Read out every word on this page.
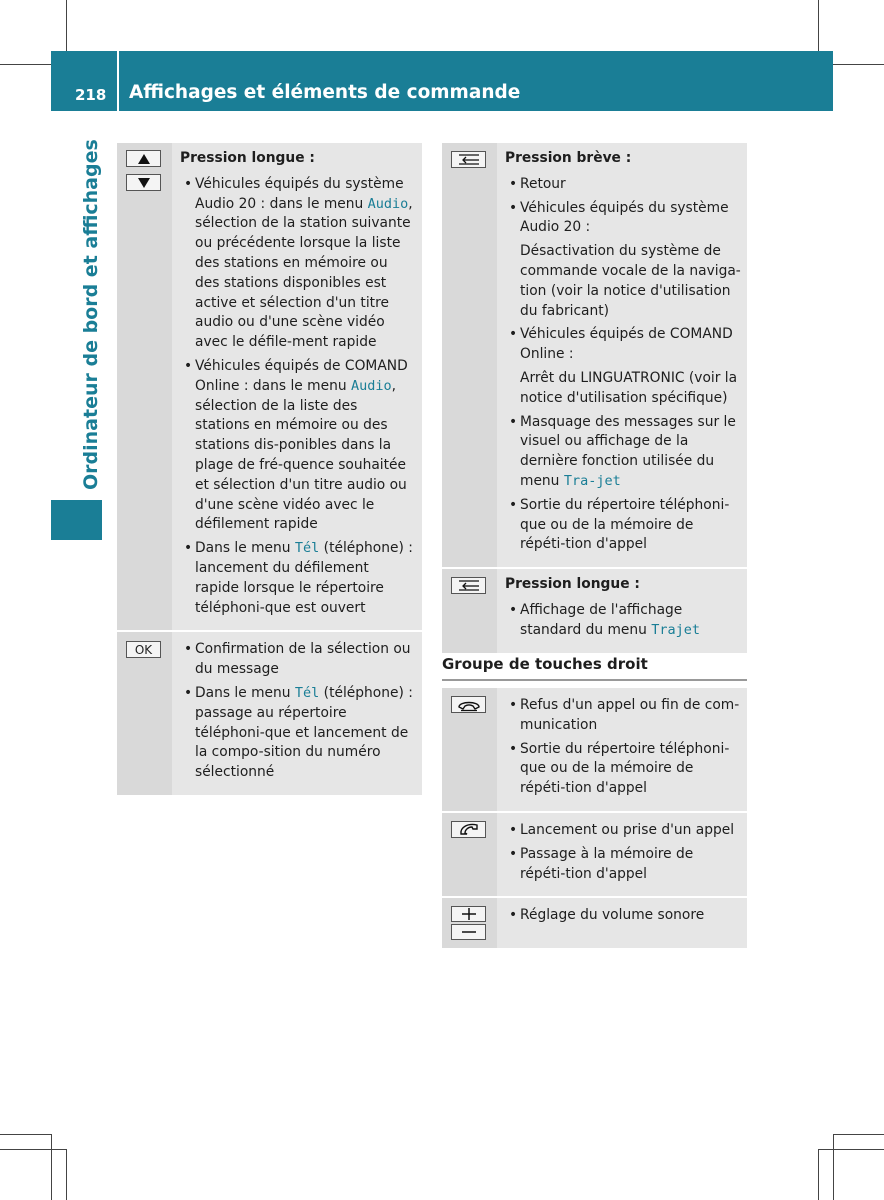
218 Affichages et éléments de commande
Ordinateur de bord et affichages	Pression longue :
• Véhicules équipés du système Audio 20 : dans le menu Audio, sélection de la station suivante ou précédente lorsque la liste des stations en mémoire ou des stations disponibles est active et sélection d'un titre audio ou d'une scène vidéo avec le défile-ment rapide
• Véhicules équipés de COMAND Online : dans le menu Audio, sélection de la liste des stations en mémoire ou des stations dis-ponibles dans la plage de fré-quence souhaitée et sélection d'un titre audio ou d'une scène vidéo avec le défilement rapide
• Dans le menu Tél (téléphone) : lancement du défilement rapide lorsque le répertoire téléphoni-que est ouvert
OK
•	Confirmation de la sélection ou du message
• Dans le menu Tél (téléphone) : passage au répertoire téléphoni-que et lancement de la compo-sition du numéro sélectionné
Pression brève :
• Retour
• Véhicules équipés du système Audio 20 :
Désactivation du système de commande vocale de la naviga-tion (voir la notice d'utilisation du fabricant)
• Véhicules équipés de COMAND Online :
Arrêt du LINGUATRONIC (voir la notice d'utilisation spécifique)
• Masquage des messages sur le visuel ou affichage de la dernière fonction utilisée du menu Tra-jet
• Sortie du répertoire téléphoni-que ou de la mémoire de répéti-tion d'appel
Pression longue :
• Affichage de l'affichage standard du menu Trajet
Groupe de touches droit
• Refus d'un appel ou fin de com-munication
• Sortie du répertoire téléphoni-que ou de la mémoire de répéti-tion d'appel
• Lancement ou prise d'un appel
• Passage à la mémoire de répéti-tion d'appel
• Réglage du volume sonore
